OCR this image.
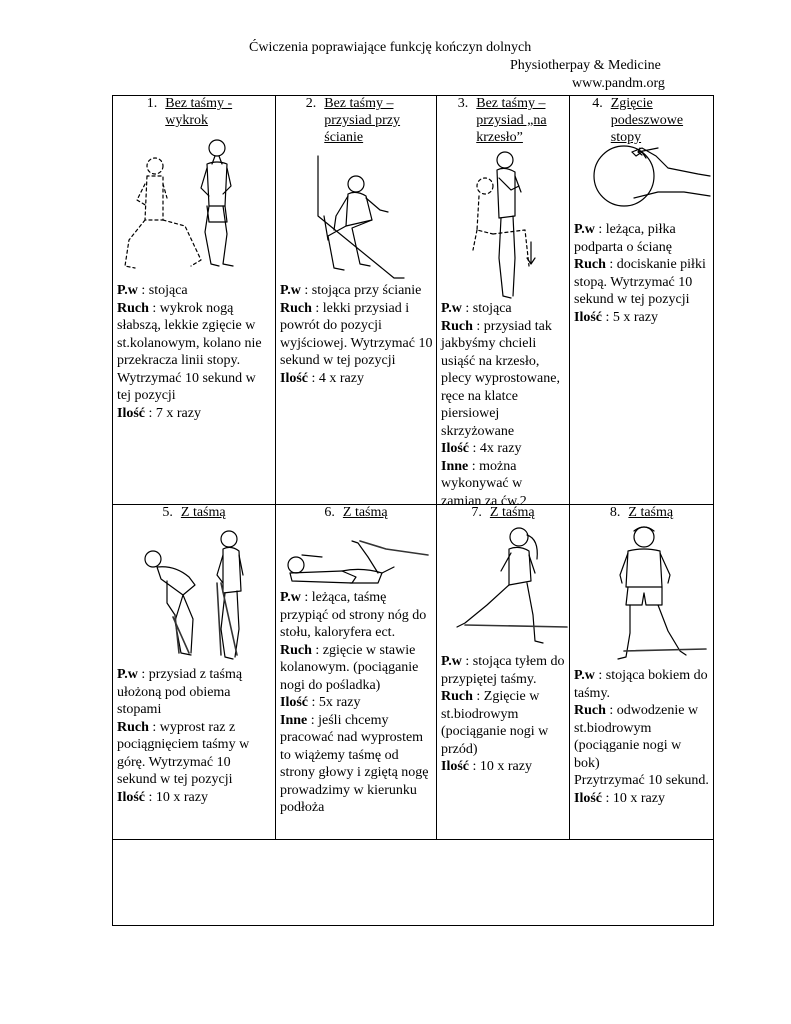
Ćwiczenia poprawiające funkcję kończyn dolnych
Physiotherpay & Medicine
www.pandm.org
1. Bez taśmy - wykrok
P.w : stojąca
Ruch : wykrok nogą słabszą, lekkie zgięcie w st.kolanowym, kolano nie przekracza linii stopy. Wytrzymać 10 sekund w tej pozycji
Ilość : 7 x razy
2. Bez taśmy – przysiad przy ścianie
P.w : stojąca przy ścianie
Ruch : lekki przysiad i powrót do pozycji wyjściowej. Wytrzymać 10 sekund w tej pozycji
Ilość : 4 x razy
3. Bez taśmy – przysiad „na krzesło”
P.w : stojąca
Ruch : przysiad tak jakbyśmy chcieli usiąść na krzesło, plecy wyprostowane, ręce na klatce piersiowej skrzyżowane
Ilość : 4x razy
Inne : można wykonywać w zamian za ćw.2
4. Zgięcie podeszwowe stopy
P.w : leżąca, piłka podparta o ścianę
Ruch : dociskanie piłki stopą. Wytrzymać 10 sekund w tej pozycji
Ilość : 5 x razy
5. Z taśmą
P.w : przysiad z taśmą ułożoną pod obiema stopami
Ruch : wyprost raz z pociągnięciem taśmy w górę. Wytrzymać 10 sekund w tej pozycji
Ilość : 10 x razy
6. Z taśmą
P.w : leżąca, taśmę przypiąć od strony nóg do stołu, kaloryfera ect.
Ruch : zgięcie w stawie kolanowym. (pociąganie nogi do pośladka)
Ilość : 5x razy
Inne : jeśli chcemy pracować nad wyprostem to wiążemy taśmę od strony głowy i zgiętą nogę prowadzimy w kierunku podłoża
7. Z taśmą
P.w : stojąca tyłem do przypiętej taśmy.
Ruch : Zgięcie w st.biodrowym (pociąganie nogi w przód)
Ilość : 10 x razy
8. Z taśmą
P.w : stojąca bokiem do taśmy.
Ruch : odwodzenie w st.biodrowym (pociąganie nogi w bok)
Przytrzymać 10 sekund.
Ilość : 10 x razy
